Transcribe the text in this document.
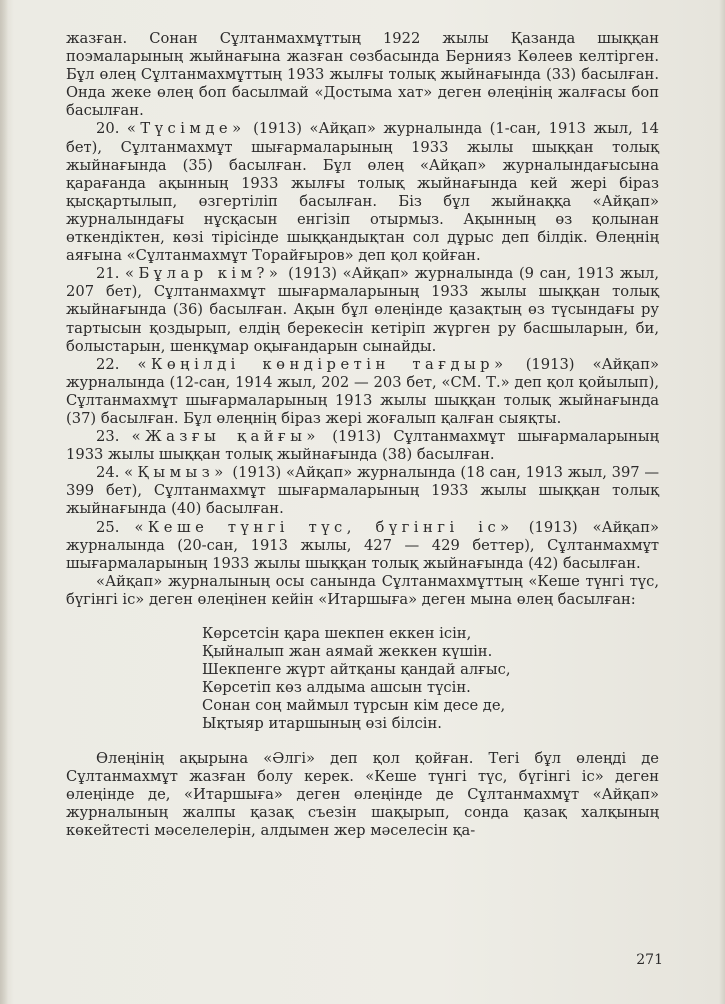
жазған. Сонан Сұлтанмахмұттың 1922 жылы Қазанда шыққан поэмаларының жыйнағына жазған сөзбасында Бернияз Көлеев келтірген. Бұл өлең Сұлтанмахмұттың 1933 жылғы толық жыйнағында (33) басылған. Онда жеке өлең боп басылмай «Достыма хат» деген өлеңінің жалғасы боп басылған.

20. «Түсімде» (1913) «Айқап» журналында (1-сан, 1913 жыл, 14 бет), Сұлтанмахмұт шығармаларының 1933 жылы шыққан толық жыйнағында (35) басылған. Бұл өлең «Айқап» журналындағысына қарағанда ақынның 1933 жылғы толық жыйнағында кей жері біраз қысқартылып, өзгертіліп басылған. Біз бұл жыйнаққа «Айқап» журналындағы нұсқасын енгізіп отырмыз. Ақынның өз қолынан өткендіктен, көзі тірісінде шыққандықтан сол дұрыс деп білдік. Өлеңнің аяғына «Сұлтанмахмұт Торайғыров» деп қол қойған.

21. «Бұлар кім?» (1913) «Айқап» журналында (9 сан, 1913 жыл, 207 бет), Сұлтанмахмұт шығармаларының 1933 жылы шыққан толық жыйнағында (36) басылған. Ақын бұл өлеңінде қазақтың өз түсындағы ру тартысын қоздырып, елдің берекесін кетіріп жүрген ру басшыларын, би, болыстарын, шенқұмар оқығандарын сынайды.

22. «Көңілді көндіретін тағдыр» (1913) «Айқап» журналында (12-сан, 1914 жыл, 202 — 203 бет, «СМ. Т.» деп қол қойылып), Сұлтанмахмұт шығармаларының 1913 жылы шыққан толық жыйнағында (37) басылған. Бұл өлеңнің біраз жері жоғалып қалған сыяқты.

23. «Жазғы қайғы» (1913) Сұлтанмахмұт шығармаларының 1933 жылы шыққан толық жыйнағында (38) басылған.

24. «Қымыз» (1913) «Айқап» журналында (18 сан, 1913 жыл, 397 — 399 бет), Сұлтанмахмұт шығармаларының 1933 жылы шыққан толық жыйнағында (40) басылған.

25. «Кеше түнгі түс, бүгінгі іс» (1913) «Айқап» журналында (20-сан, 1913 жылы, 427 — 429 беттер), Сұлтанмахмұт шығармаларының 1933 жылы шыққан толық жыйнағында (42) басылған.

«Айқап» журналының осы санында Сұлтанмахмұттың «Кеше түнгі түс, бүгінгі іс» деген өлеңінен кейін «Итаршыға» деген мына өлең басылған:

Көрсетсін қара шекпен еккен ісін,
Қыйналып жан аямай жеккен күшін.
Шекпенге жүрт айтқаны қандай алғыс,
Көрсетіп көз алдыма ашсын түсін.
Сонан соң маймыл түрсын кім десе де,
Ықтыяр итаршының өзі білсін.

Өлеңінің ақырына «Әлгі» деп қол қойған. Тегі бұл өлеңді де Сұлтанмахмұт жазған болу керек. «Кеше түнгі түс, бүгінгі іс» деген өлеңінде де, «Итаршыға» деген өлеңінде де Сұлтанмахмұт «Айқап» журналының жалпы қазақ съезін шақырып, сонда қазақ халқының көкейтесті мәселелерін, алдымен жер мәселесін қа-

271
